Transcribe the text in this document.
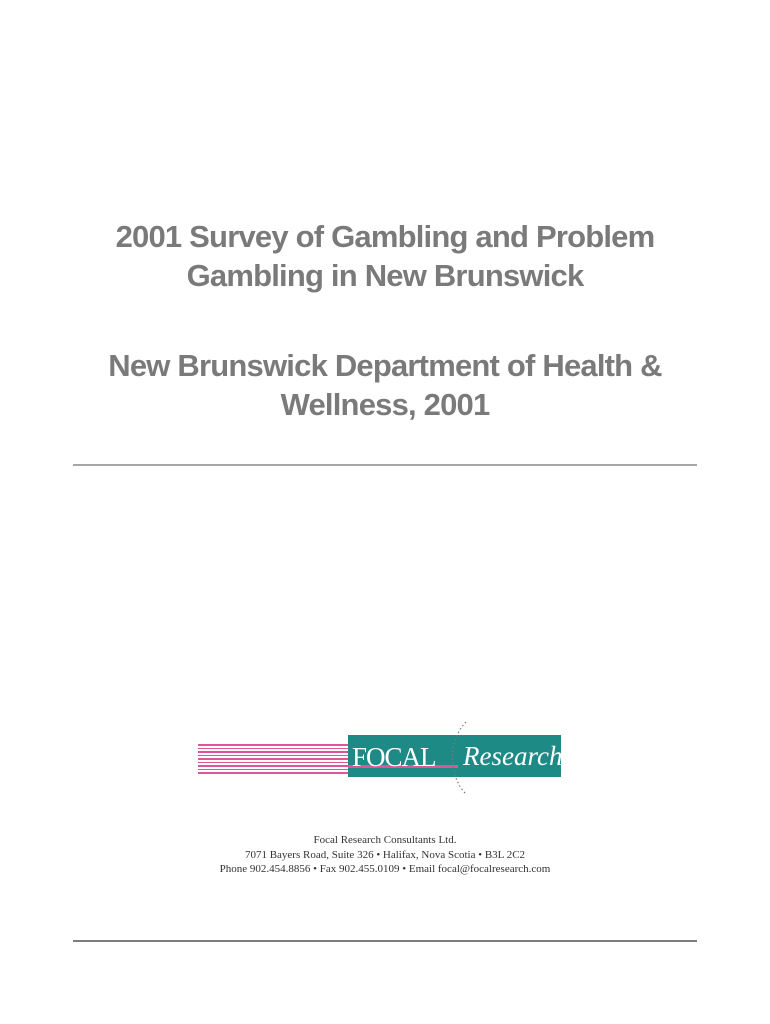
2001 Survey of Gambling and Problem
Gambling in New Brunswick
New Brunswick Department of Health &
Wellness, 2001
FOCAL Research

Focal Research Consultants Ltd.

7071 Bayers Road, Suite 326 • Halifax, Nova Scotia • B3L 2C2

Phone 902.454.8856 • Fax 902.455.0109 • Email focal@focalresearch.com
